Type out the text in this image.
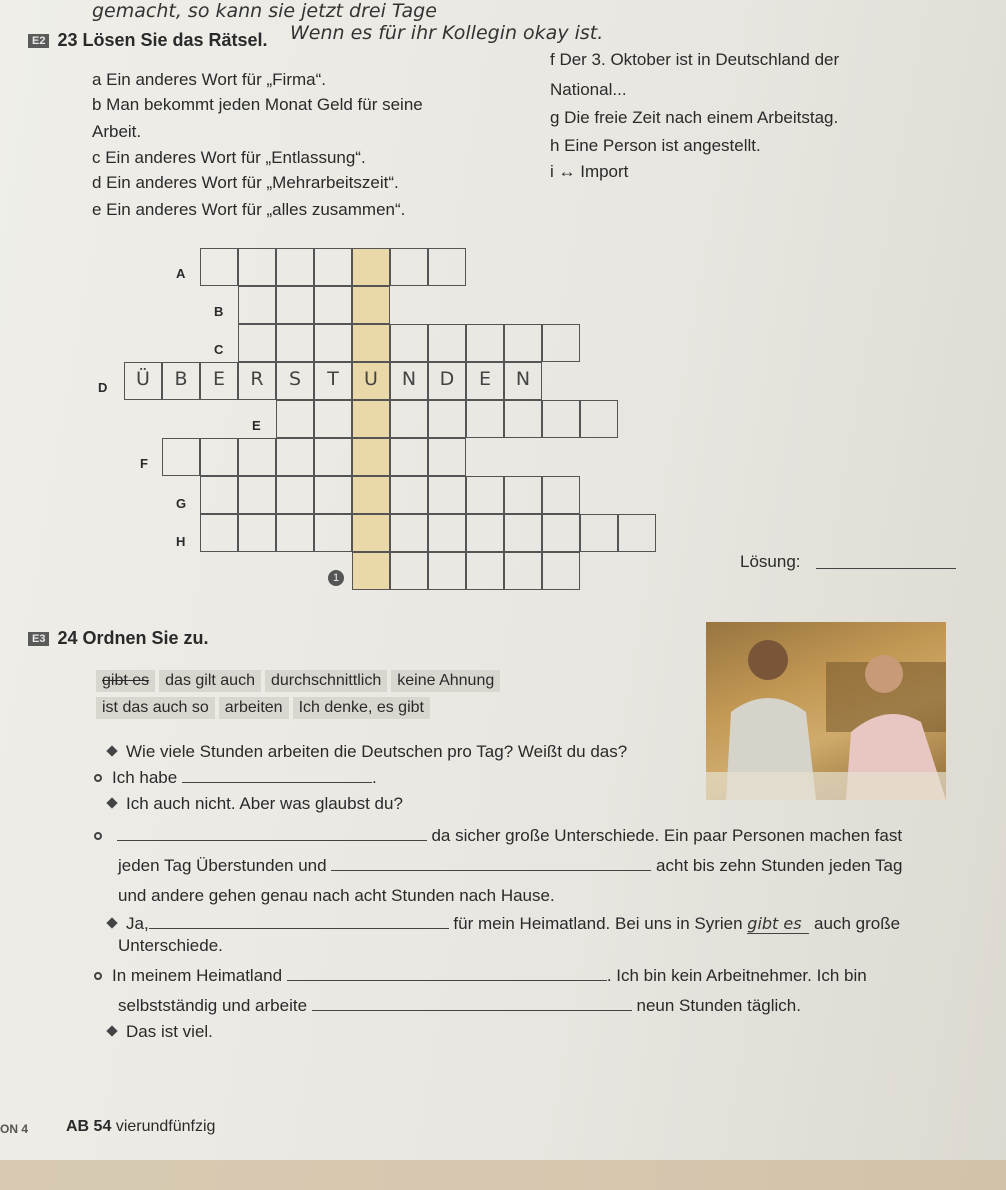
gemacht, so kann sie jetzt drei Tage
Wenn es für ihr Kollegin okay ist.
E2 23 Lösen Sie das Rätsel.
a Ein anderes Wort für „Firma“.
b Man bekommt jeden Monat Geld für seine
Arbeit.
c Ein anderes Wort für „Entlassung“.
d Ein anderes Wort für „Mehrarbeitszeit“.
e Ein anderes Wort für „alles zusammen“.
f Der 3. Oktober ist in Deutschland der
National...
g Die freie Zeit nach einem Arbeitstag.
h Eine Person ist angestellt.
i ↔ Import
Ü	B	E	R	S	T	U	N	D	E	N
A
B
C
D
E
F
G
H
1
Lösung:
E3 24 Ordnen Sie zu.
gibt es das gilt auch durchschnittlich keine Ahnung
ist das auch so arbeiten Ich denke, es gibt
Wie viele Stunden arbeiten die Deutschen pro Tag? Weißt du das?
Ich habe	.
Ich auch nicht. Aber was glaubst du?
da sicher große Unterschiede. Ein paar Personen machen fast
jeden Tag Überstunden und	acht bis zehn Stunden jeden Tag
und andere gehen genau nach acht Stunden nach Hause.
Ja,	für mein Heimatland. Bei uns in Syrien gibt es auch große
Unterschiede.
In meinem Heimatland	. Ich bin kein Arbeitnehmer. Ich bin
selbstständig und arbeite	neun Stunden täglich.
Das ist viel.
ON 4 AB 54 vierundfünfzig
